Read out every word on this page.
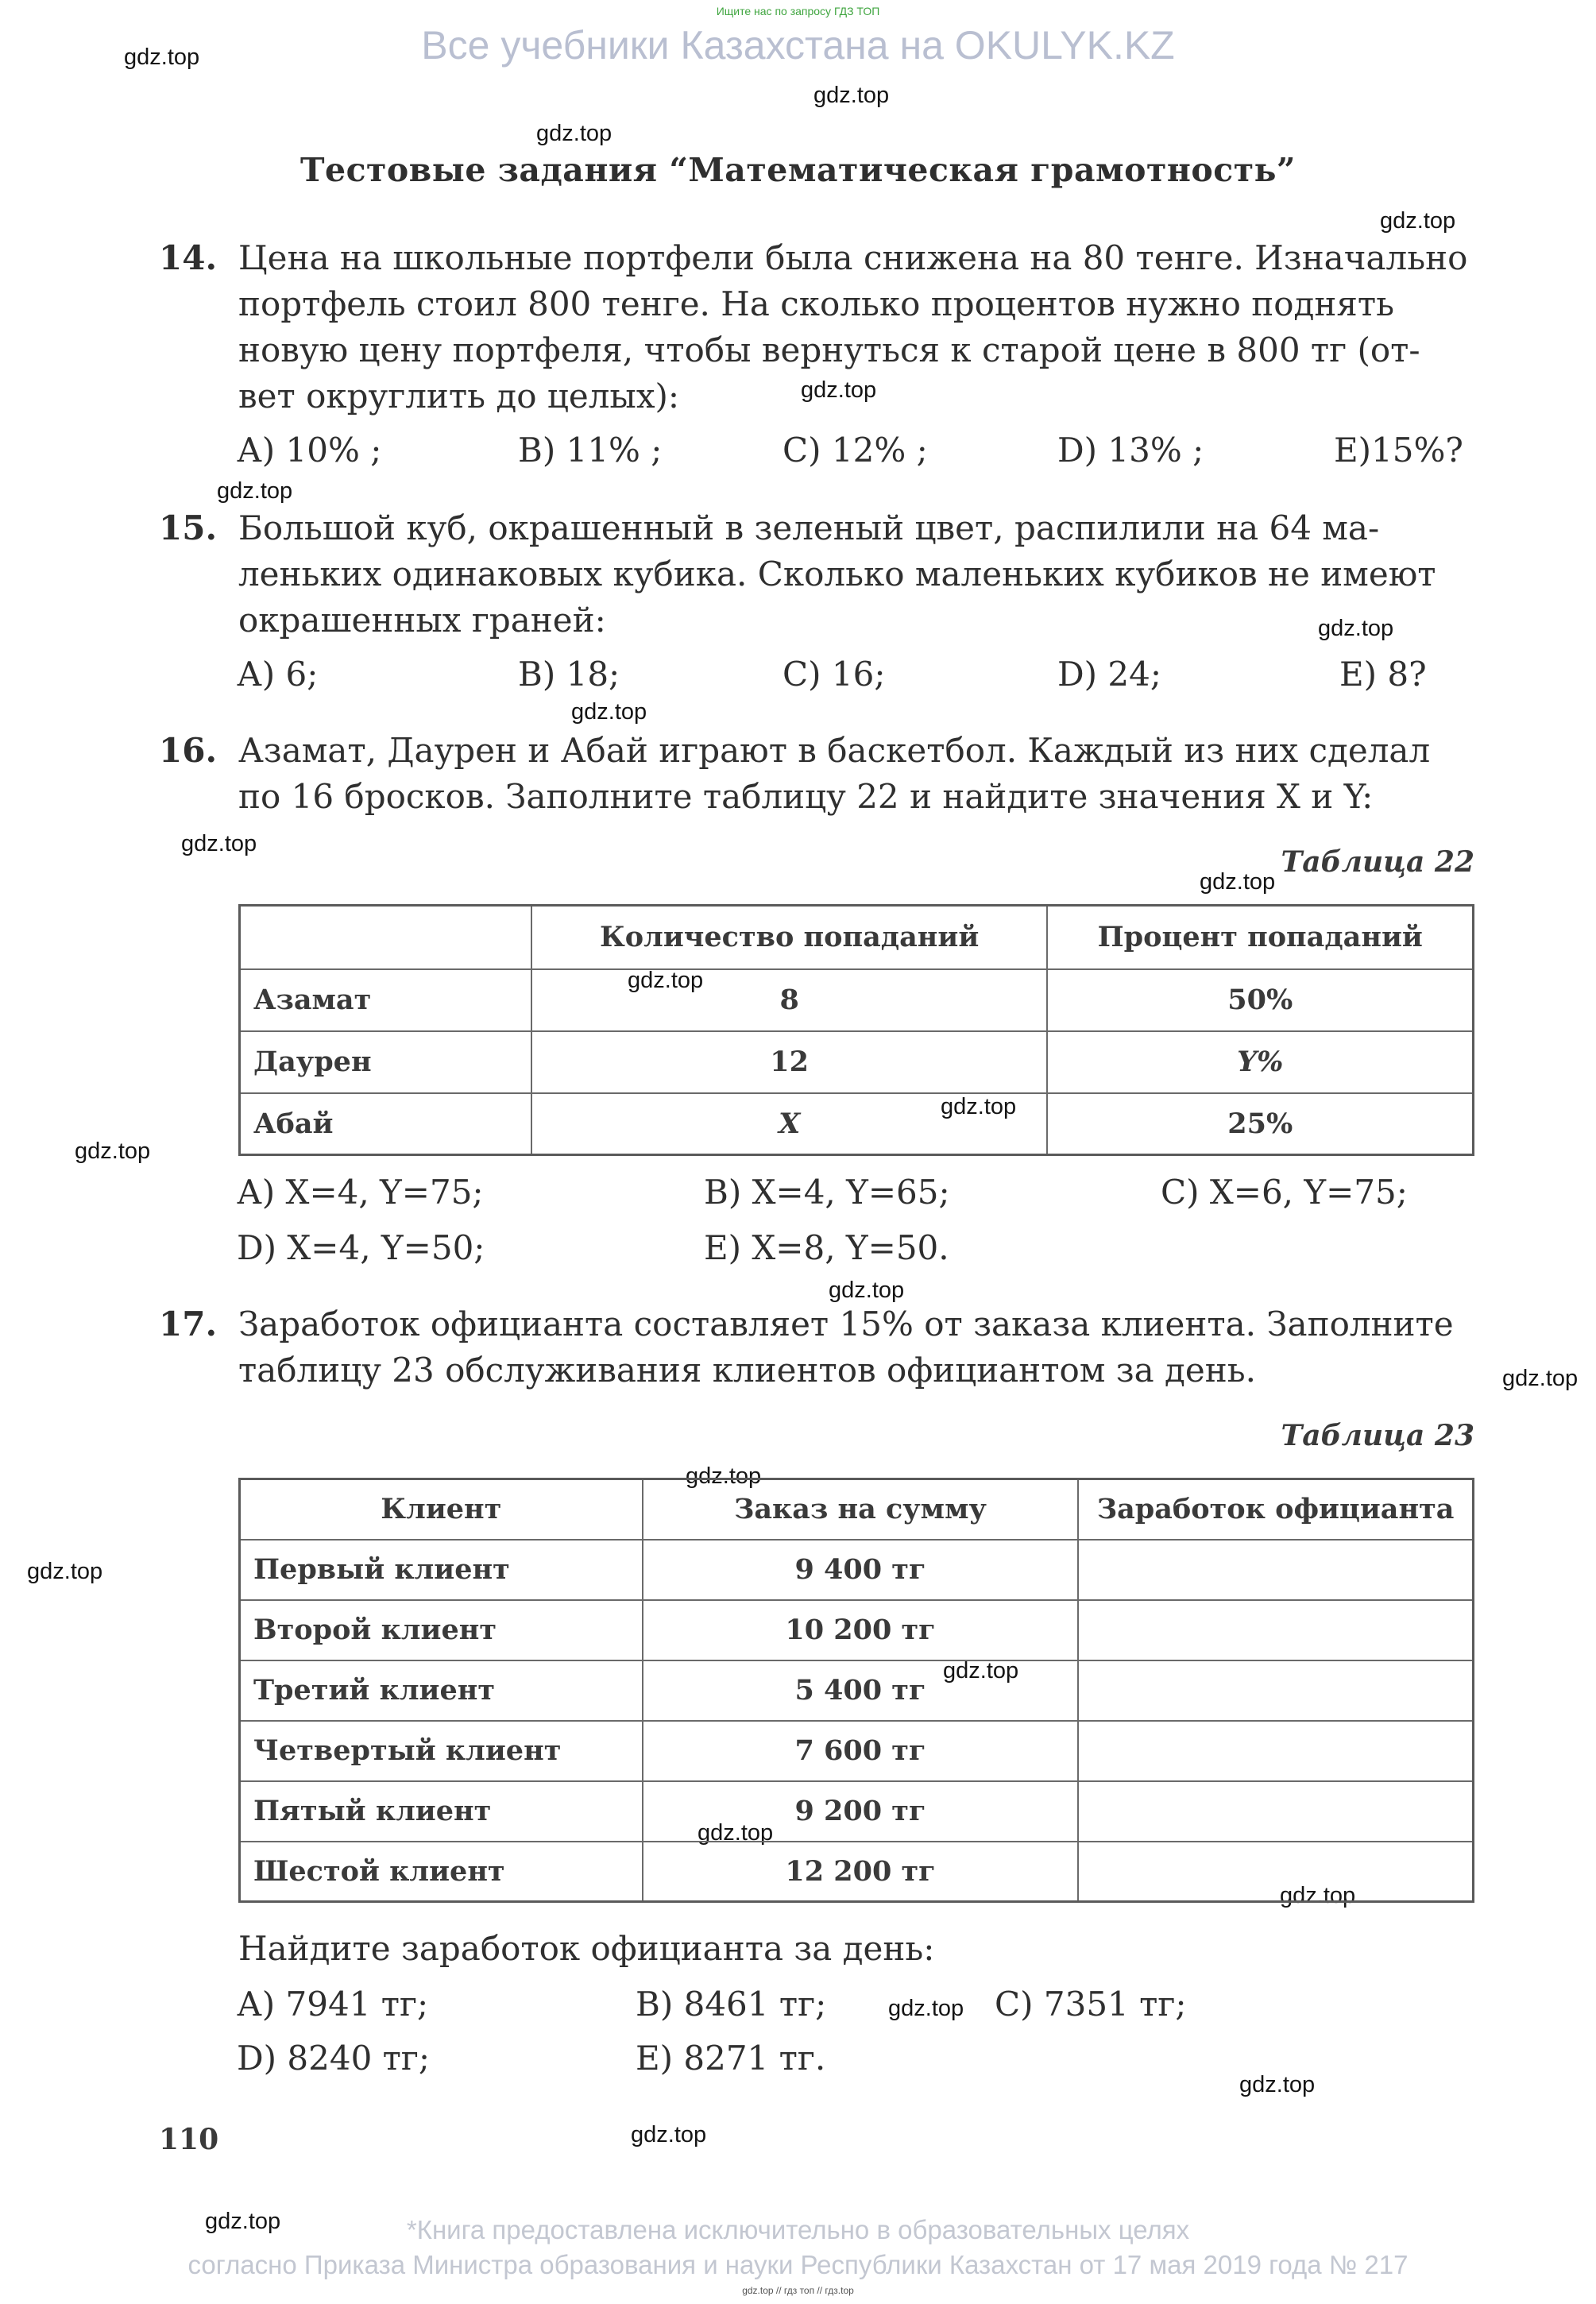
Ищите нас по запросу ГДЗ ТОП
Все учебники Казахстана на OKULYK.KZ
gdz.top
gdz.top
gdz.top
gdz.top
gdz.top
gdz.top
gdz.top
gdz.top
gdz.top
gdz.top
gdz.top
gdz.top
gdz.top
gdz.top
gdz.top
gdz.top
gdz.top
gdz.top
gdz.top
gdz.top
gdz.top
gdz.top
gdz.top
gdz.top
Тестовые задания “Математическая грамотность”
14. Цена на школьные портфели была снижена на 80 тенге. Изначально
портфель стоил 800 тенге. На сколько процентов нужно поднять
новую цену портфеля, чтобы вернуться к старой цене в 800 тг (от-
вет округлить до целых):
А) 10% ;	В) 11% ;	С) 12% ;	D) 13% ;	Е)15%?
15. Большой куб, окрашенный в зеленый цвет, распилили на 64 ма-
леньких одинаковых кубика. Сколько маленьких кубиков не имеют
окрашенных граней:
А) 6;	В) 18;	С) 16;	D) 24;	Е) 8?
16. Азамат, Даурен и Абай играют в баскетбол. Каждый из них сделал
по 16 бросков. Заполните таблицу 22 и найдите значения X и Y:
Таблица 22
	Количество попаданий	Процент попаданий
Азамат	8	50%
Даурен	12	Y%
Абай	X	25%
А) X=4, Y=75;	В) X=4, Y=65;	С) X=6, Y=75;
D) X=4, Y=50;	Е) X=8, Y=50.
17. Заработок официанта составляет 15% от заказа клиента. Заполните
таблицу 23 обслуживания клиентов официантом за день.
Таблица 23
Клиент	Заказ на сумму	Заработок официанта
Первый клиент	9 400 тг	
Второй клиент	10 200 тг	
Третий клиент	5 400 тг	
Четвертый клиент	7 600 тг	
Пятый клиент	9 200 тг	
Шестой клиент	12 200 тг	
Найдите заработок официанта за день:
А) 7941 тг;	В) 8461 тг;	С) 7351 тг;
D) 8240 тг;	Е) 8271 тг.
110
*Книга предоставлена исключительно в образовательных целях
согласно Приказа Министра образования и науки Республики Казахстан от 17 мая 2019 года № 217
gdz.top // гдз топ // гдз.top
